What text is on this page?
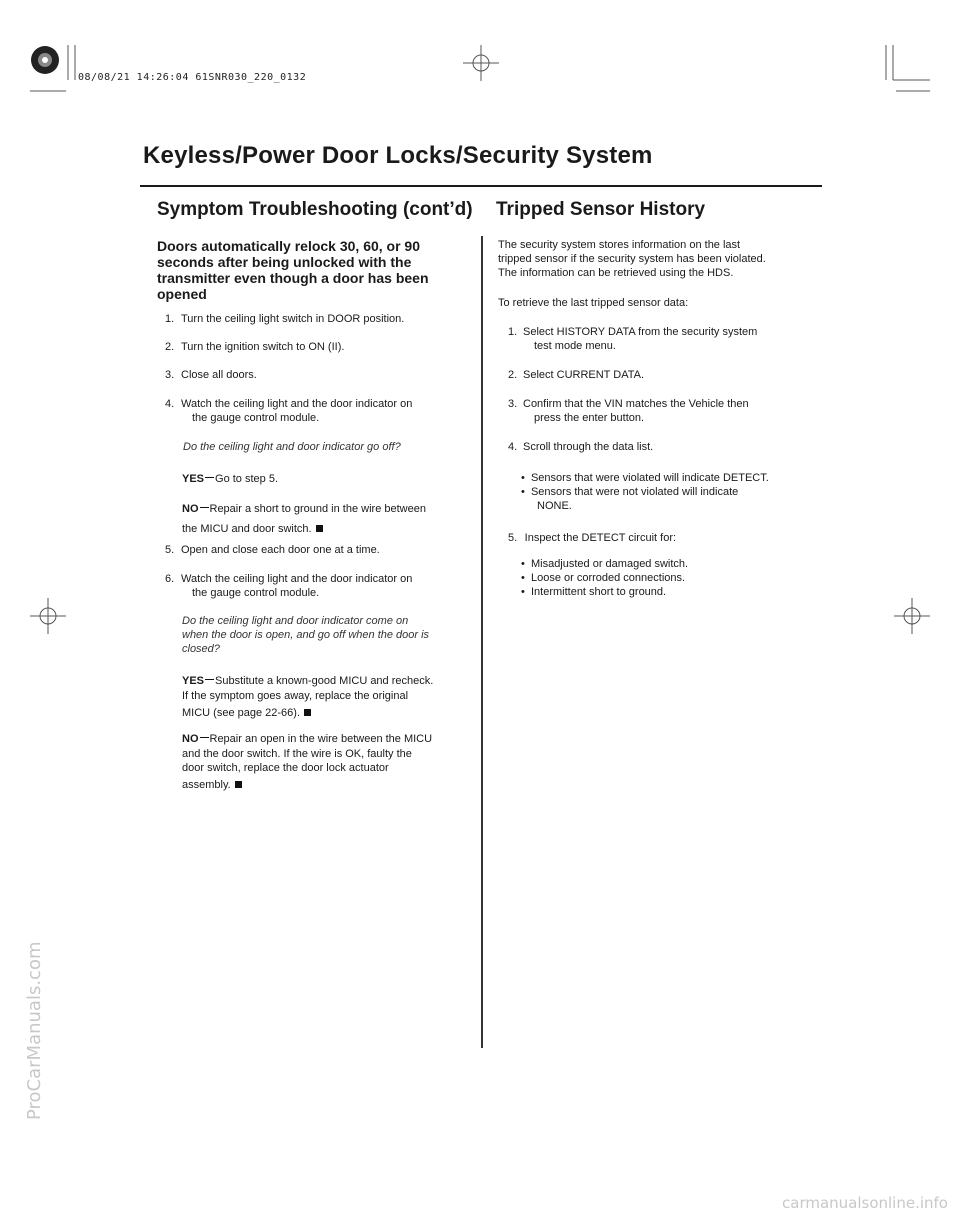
08/08/21 14:26:04 61SNR030_220_0132
ProCarManuals.com
carmanualsonline.info
Keyless/Power Door Locks/Security System
Symptom Troubleshooting (cont’d) Tripped Sensor History
Doors automatically relock 30, 60, or 90 seconds after being unlocked with the transmitter even though a door has been opened
1. Turn the ceiling light switch in DOOR position.
2. Turn the ignition switch to ON (II).
3. Close all doors.
4. Watch the ceiling light and the door indicator on
the gauge control module.
Do the ceiling light and door indicator go off?
YES Go to step 5.
NO Repair a short to ground in the wire between
the MICU and door switch.
5. Open and close each door one at a time.
6. Watch the ceiling light and the door indicator on
the gauge control module.
Do the ceiling light and door indicator come on
when the door is open, and go off when the door is
closed?
YES Substitute a known-good MICU and recheck.
If the symptom goes away, replace the original
MICU (see page 22-66).
NO Repair an open in the wire between the MICU
and the door switch. If the wire is OK, faulty the
door switch, replace the door lock actuator
assembly.
The security system stores information on the last
tripped sensor if the security system has been violated.
The information can be retrieved using the HDS.
To retrieve the last tripped sensor data:
1. Select HISTORY DATA from the security system
test mode menu.
2. Select CURRENT DATA.
3. Confirm that the VIN matches the Vehicle then
press the enter button.
4. Scroll through the data list.
•  Sensors that were violated will indicate DETECT.
•  Sensors that were not violated will indicate
NONE.
5. Inspect the DETECT circuit for:
•  Misadjusted or damaged switch.
•  Loose or corroded connections.
•  Intermittent short to ground.
